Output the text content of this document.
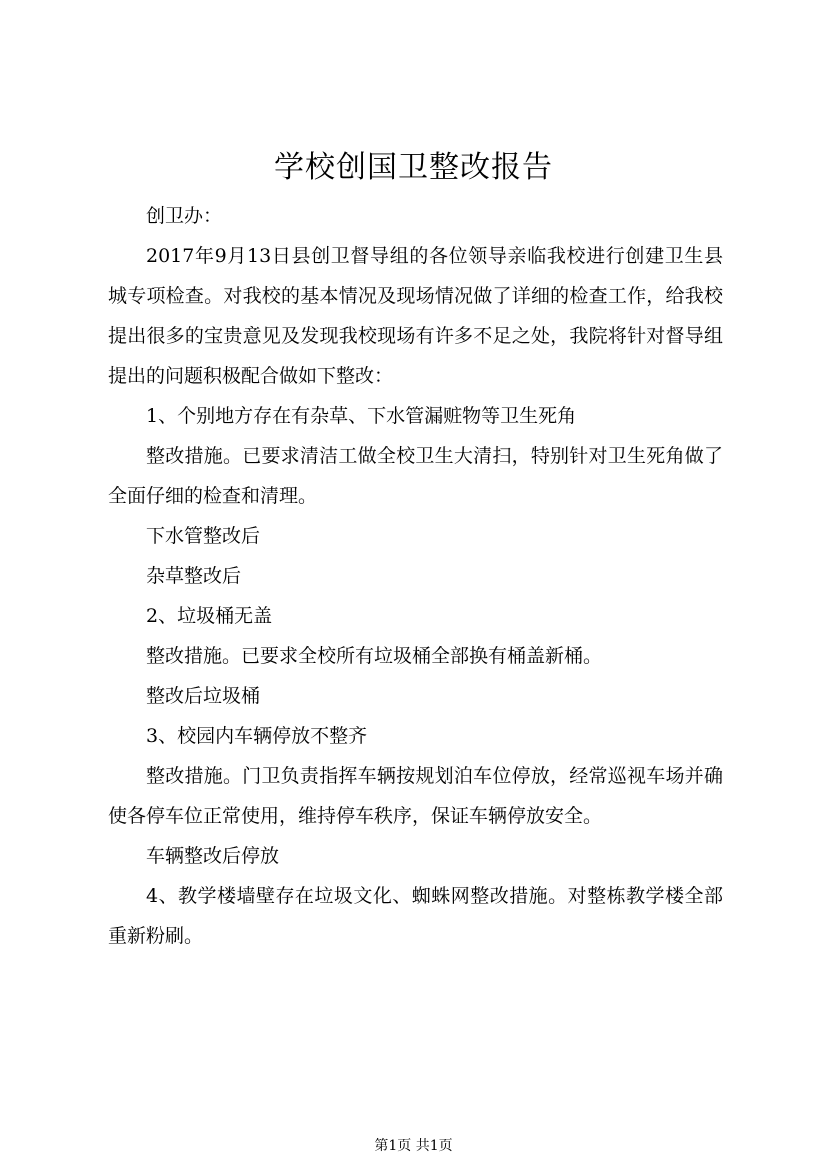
学校创国卫整改报告

创卫办：

2017年9月13日县创卫督导组的各位领导亲临我校进行创建卫生县城专项检查。对我校的基本情况及现场情况做了详细的检查工作，给我校提出很多的宝贵意见及发现我校现场有许多不足之处，我院将针对督导组提出的问题积极配合做如下整改：

1、个别地方存在有杂草、下水管漏赃物等卫生死角

整改措施。已要求清洁工做全校卫生大清扫，特别针对卫生死角做了全面仔细的检查和清理。

下水管整改后

杂草整改后

2、垃圾桶无盖

整改措施。已要求全校所有垃圾桶全部换有桶盖新桶。

整改后垃圾桶

3、校园内车辆停放不整齐

整改措施。门卫负责指挥车辆按规划泊车位停放，经常巡视车场并确使各停车位正常使用，维持停车秩序，保证车辆停放安全。

车辆整改后停放

4、教学楼墙壁存在垃圾文化、蜘蛛网整改措施。对整栋教学楼全部重新粉刷。

第1页 共1页
